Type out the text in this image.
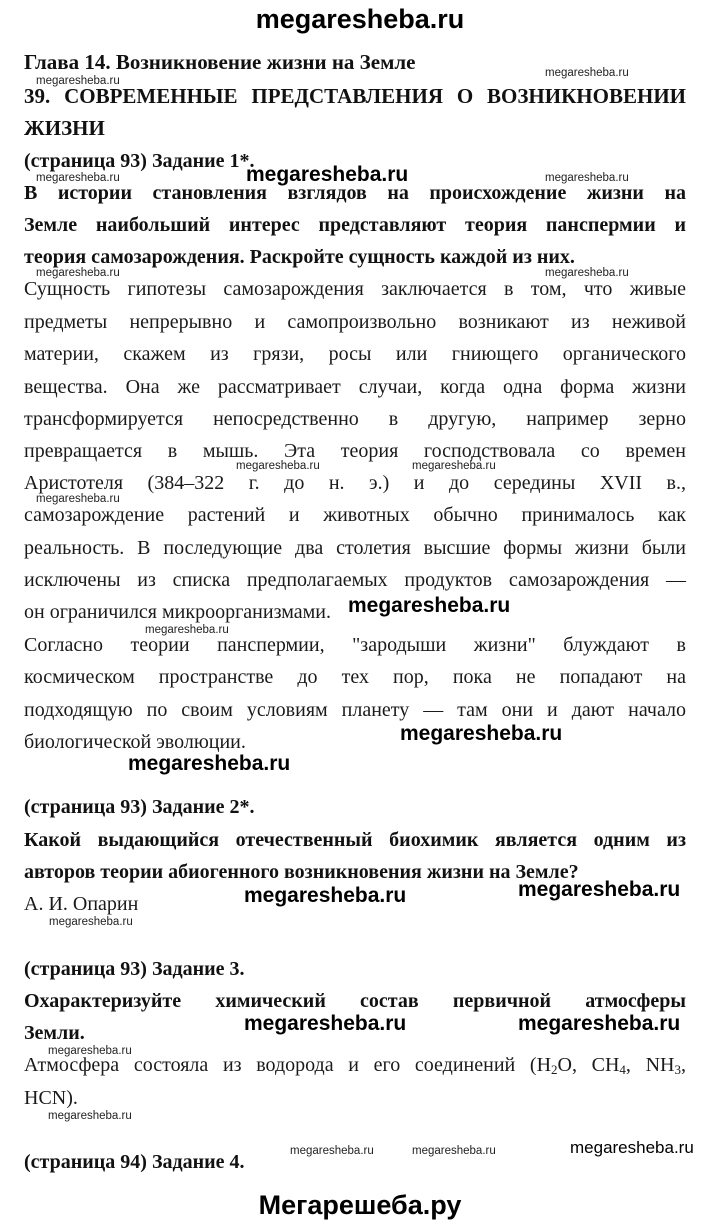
megaresheba.ru
Мегарешеба.ру
Глава 14. Возникновение жизни на Земле
39. СОВРЕМЕННЫЕ ПРЕДСТАВЛЕНИЯ О ВОЗНИКНОВЕНИИ
ЖИЗНИ
(страница 93) Задание 1*.
В истории становления взглядов на происхождение жизни на
Земле наибольший интерес представляют теория панспермии и
теория самозарождения. Раскройте сущность каждой из них.
Сущность гипотезы самозарождения заключается в том, что живые
предметы непрерывно и самопроизвольно возникают из неживой
материи, скажем из грязи, росы или гниющего органического
вещества. Она же рассматривает случаи, когда одна форма жизни
трансформируется непосредственно в другую, например зерно
превращается в мышь. Эта теория господствовала со времен
Аристотеля (384–322 г. до н. э.) и до середины XVII в.,
самозарождение растений и животных обычно принималось как
реальность. В последующие два столетия высшие формы жизни были
исключены из списка предполагаемых продуктов самозарождения —
он ограничился микроорганизмами.
Согласно теории панспермии, "зародыши жизни" блуждают в
космическом пространстве до тех пор, пока не попадают на
подходящую по своим условиям планету — там они и дают начало
биологической эволюции.
(страница 93) Задание 2*.
Какой выдающийся отечественный биохимик является одним из
авторов теории абиогенного возникновения жизни на Земле?
А. И. Опарин
(страница 93) Задание 3.
Охарактеризуйте химический состав первичной атмосферы
Земли.
Атмосфера состояла из водорода и его соединений ($H_2O$, $CH_4$, $NH_3$,
HCN).
(страница 94) Задание 4.
megaresheba.ru
megaresheba.ru
megaresheba.ru	megaresheba.ru
megaresheba.ru	megaresheba.ru
megaresheba.ru	megaresheba.ru
megaresheba.ru
megaresheba.ru
megaresheba.ru
megaresheba.ru
megaresheba.ru
megaresheba.ru	megaresheba.ru
megaresheba.ru
megaresheba.ru
megaresheba.ru
megaresheba.ru
megaresheba.ru	megaresheba.ru
megaresheba.ru	megaresheba.ru
megaresheba.ru
